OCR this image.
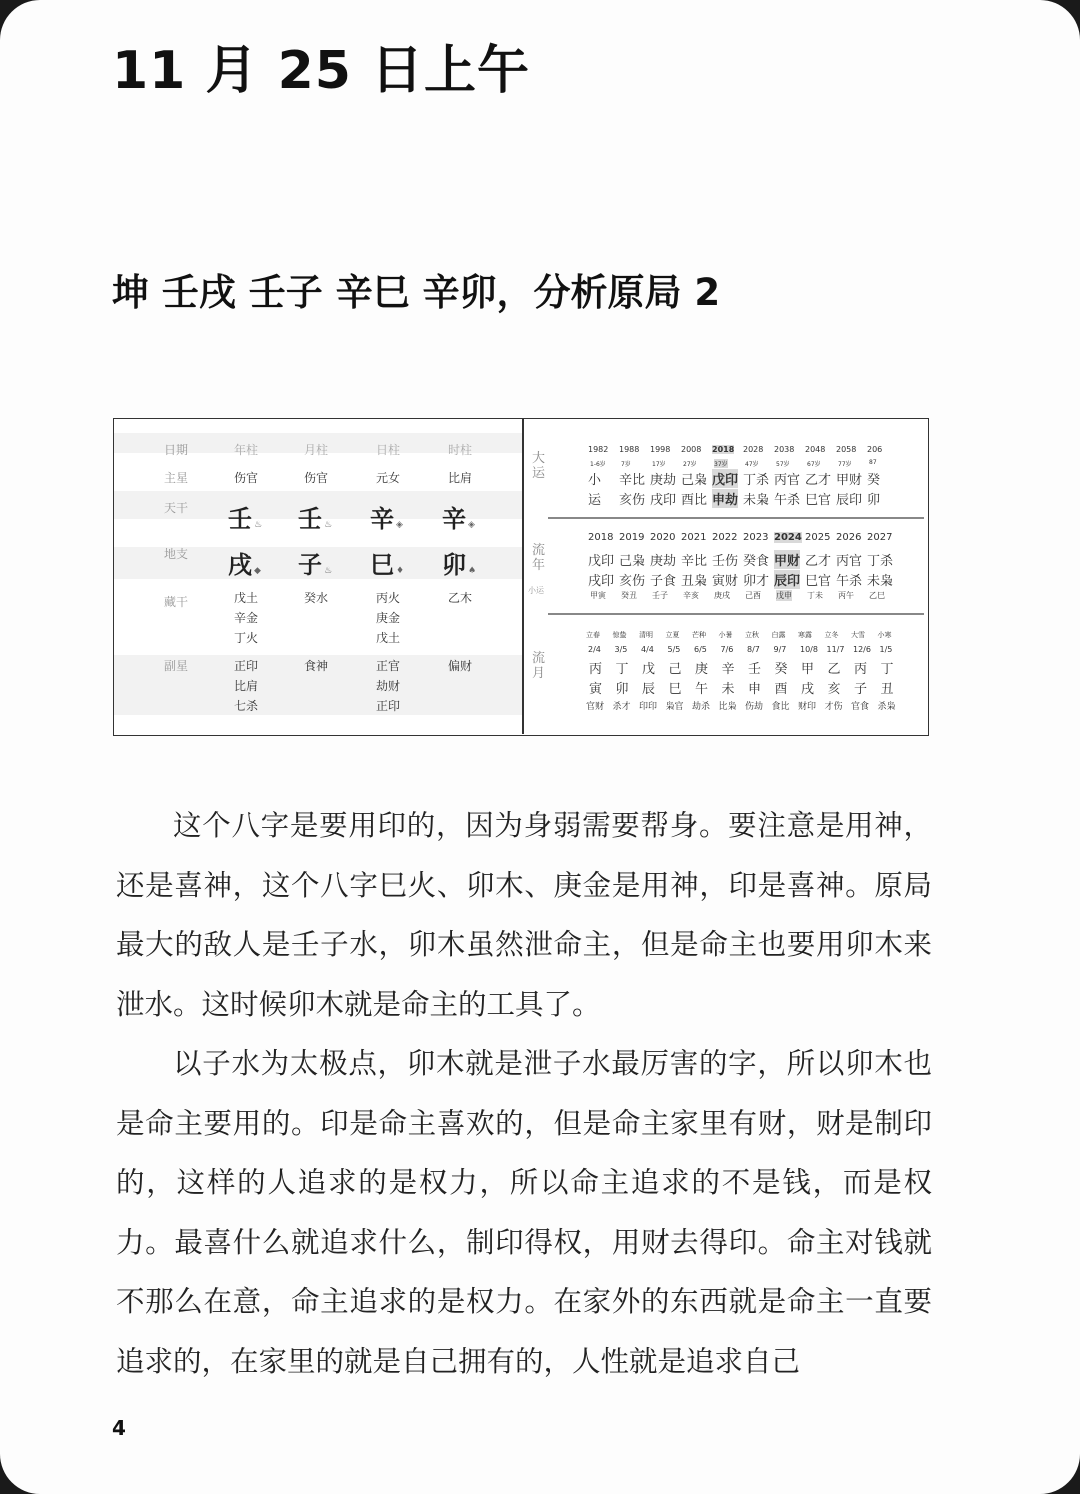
11 月 25 日上午
坤 壬戌 壬子 辛巳 辛卯，分析原局 2
日期
主星
天干
地支
藏干
副星
年柱
伤官
壬 ♨
戌 ◆
戊土
辛金
丁火
正印
比肩
七杀
月柱
伤官
壬 ♨
子 ♨
癸水
食神
日柱
元女
辛 ◈
巳 ♦
丙火
庚金
戊土
正官
劫财
正印
时柱
比肩
辛 ◈
卯 ♠
乙木
偏财
大运
流年
小运
流月
1982
1-6岁
小
运
1988
7岁
辛比
亥伤
1998
17岁
庚劫
戌印
2008
27岁
己枭
酉比
2018
37岁
戊印
申劫
2028
47岁
丁杀
未枭
2038
57岁
丙官
午杀
2048
67岁
乙才
巳官
2058
77岁
甲财
辰印
206
87
癸
卯
2018
戊印
戌印
甲寅
2019
己枭
亥伤
癸丑
2020
庚劫
子食
壬子
2021
辛比
丑枭
辛亥
2022
壬伤
寅财
庚戌
2023
癸食
卯才
己酉
2024
甲财
辰印
戊申
2025
乙才
巳官
丁未
2026
丙官
午杀
丙午
2027
丁杀
未枭
乙巳
立春
2/4
丙
寅
官财
惊蛰
3/5
丁
卯
杀才
清明
4/4
戊
辰
印印
立夏
5/5
己
巳
枭官
芒种
6/5
庚
午
劫杀
小暑
7/6
辛
未
比枭
立秋
8/7
壬
申
伤劫
白露
9/7
癸
酉
食比
寒露
10/8
甲
戌
财印
立冬
11/7
乙
亥
才伤
大雪
12/6
丙
子
官食
小寒
1/5
丁
丑
杀枭

这个八字是要用印的，因为身弱需要帮身。要注意是用神，还是喜神，这个八字巳火、卯木、庚金是用神，印是喜神。原局最大的敌人是壬子水，卯木虽然泄命主，但是命主也要用卯木来泄水。这时候卯木就是命主的工具了。

以子水为太极点，卯木就是泄子水最厉害的字，所以卯木也是命主要用的。印是命主喜欢的，但是命主家里有财，财是制印的，这样的人追求的是权力，所以命主追求的不是钱，而是权力。最喜什么就追求什么，制印得权，用财去得印。命主对钱就不那么在意，命主追求的是权力。在家外的东西就是命主一直要追求的，在家里的就是自己拥有的，人性就是追求自己

4
